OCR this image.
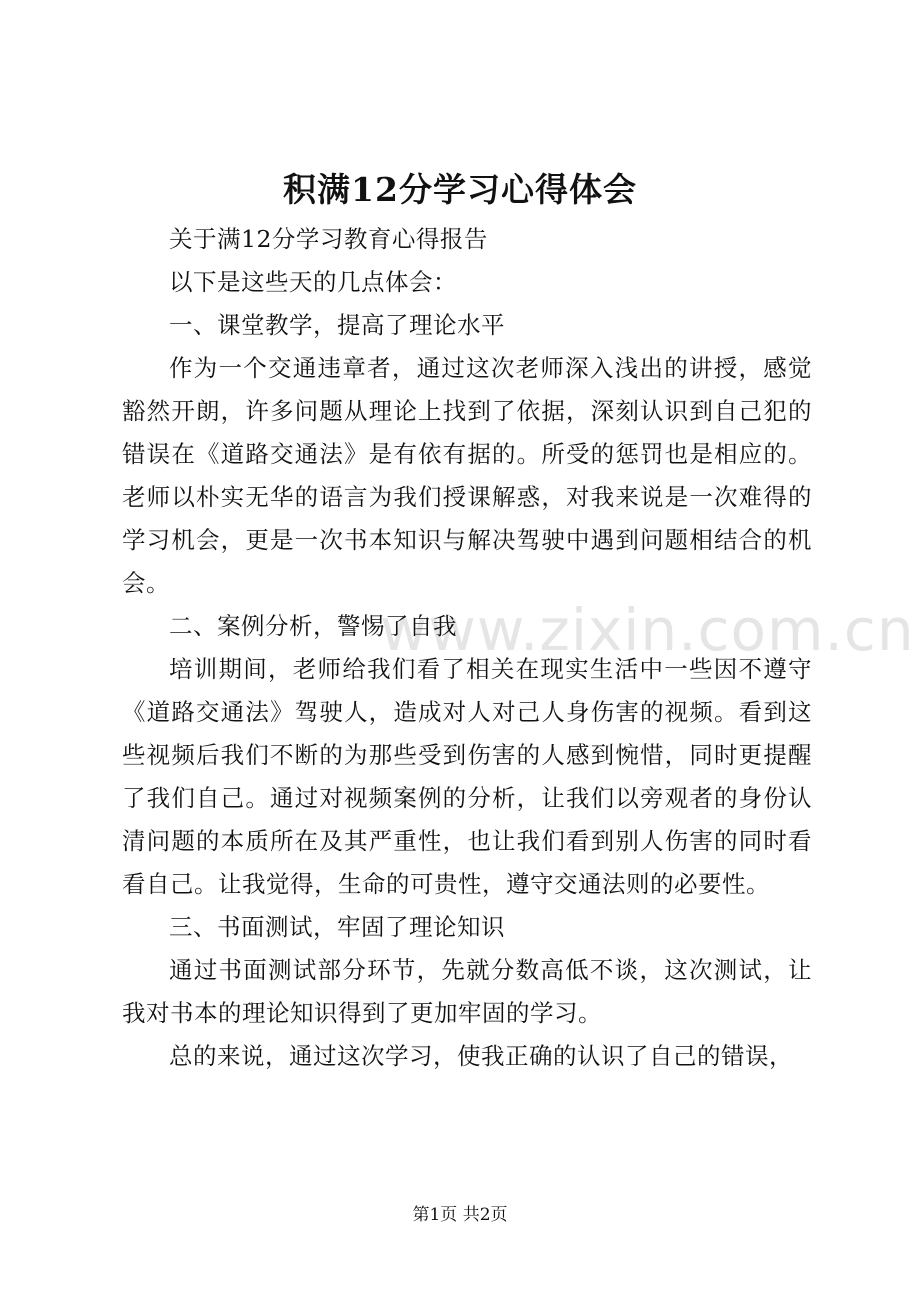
www.zixin.com.cn
积满12分学习心得体会

关于满12分学习教育心得报告

以下是这些天的几点体会：

一、课堂教学，提高了理论水平

作为一个交通违章者，通过这次老师深入浅出的讲授，感觉豁然开朗，许多问题从理论上找到了依据，深刻认识到自己犯的错误在《道路交通法》是有依有据的。所受的惩罚也是相应的。老师以朴实无华的语言为我们授课解惑，对我来说是一次难得的学习机会，更是一次书本知识与解决驾驶中遇到问题相结合的机会。

二、案例分析，警惕了自我

培训期间，老师给我们看了相关在现实生活中一些因不遵守《道路交通法》驾驶人，造成对人对己人身伤害的视频。看到这些视频后我们不断的为那些受到伤害的人感到惋惜，同时更提醒了我们自己。通过对视频案例的分析，让我们以旁观者的身份认清问题的本质所在及其严重性，也让我们看到别人伤害的同时看看自己。让我觉得，生命的可贵性，遵守交通法则的必要性。

三、书面测试，牢固了理论知识

通过书面测试部分环节，先就分数高低不谈，这次测试，让我对书本的理论知识得到了更加牢固的学习。

总的来说，通过这次学习，使我正确的认识了自己的错误，

第1页 共2页
